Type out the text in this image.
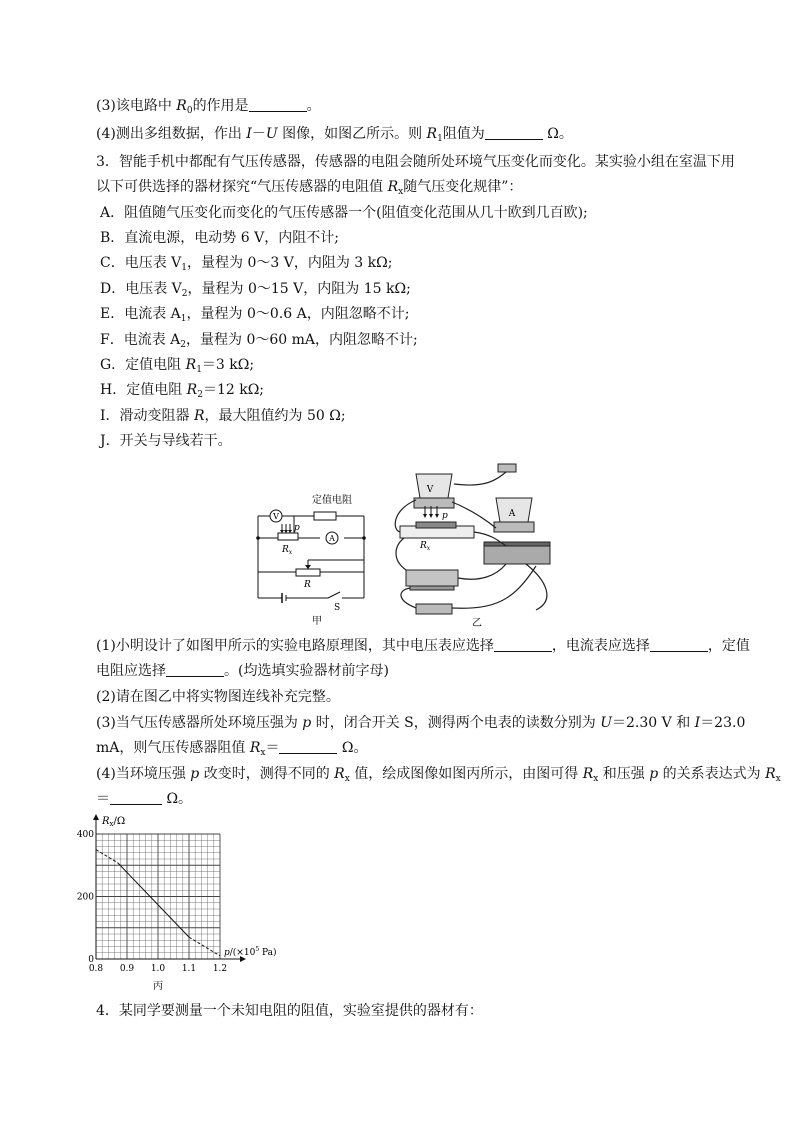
(3)该电路中 $R_0$的作用是	。
(4)测出多组数据，作出 I－U 图像，如图乙所示。则 $R_1$阻值为	Ω。
3．智能手机中都配有气压传感器，传感器的电阻会随所处环境气压变化而变化。某实验小组在室温下用
以下可供选择的器材探究“气压传感器的电阻值 $R_x$随气压变化规律”：
A．阻值随气压变化而变化的气压传感器一个(阻值变化范围从几十欧到几百欧);
B．直流电源，电动势 6 V，内阻不计;
C．电压表 $V_1$，量程为 0～3 V，内阻为 3 kΩ;
D．电压表 $V_2$，量程为 0～15 V，内阻为 15 kΩ;
E．电流表 $A_1$，量程为 0～0.6 A，内阻忽略不计;
F．电流表 $A_2$，量程为 0～60 mA，内阻忽略不计;
G．定值电阻 $R_1=3$ kΩ;
H．定值电阻 $R_2=12$ kΩ;
I．滑动变阻器 R，最大阻值约为 50 Ω;
J．开关与导线若干。
V
A
定值电阻
p
$R_x$
R
S
甲
V
A
p
$R_x$
乙
(1)小明设计了如图甲所示的实验电路原理图，其中电压表应选择	，电流表应选择	，定值
电阻应选择	。(均选填实验器材前字母)
(2)请在图乙中将实物图连线补充完整。
(3)当气压传感器所处环境压强为 p 时，闭合开关 S，测得两个电表的读数分别为 U＝2.30 V 和 I＝23.0
mA，则气压传感器阻值 $R_x=$	Ω。
(4)当环境压强 p 改变时，测得不同的 $R_x$ 值，绘成图像如图丙所示，由图可得 $R_x$ 和压强 p 的关系表达式为 $R_x$
＝	Ω。
0.8 0.9 1.0 1.1 1.2
0
200
400
$R_x/\Omega$
$p/(\times 10^5$ Pa)
丙
4．某同学要测量一个未知电阻的阻值，实验室提供的器材有：
